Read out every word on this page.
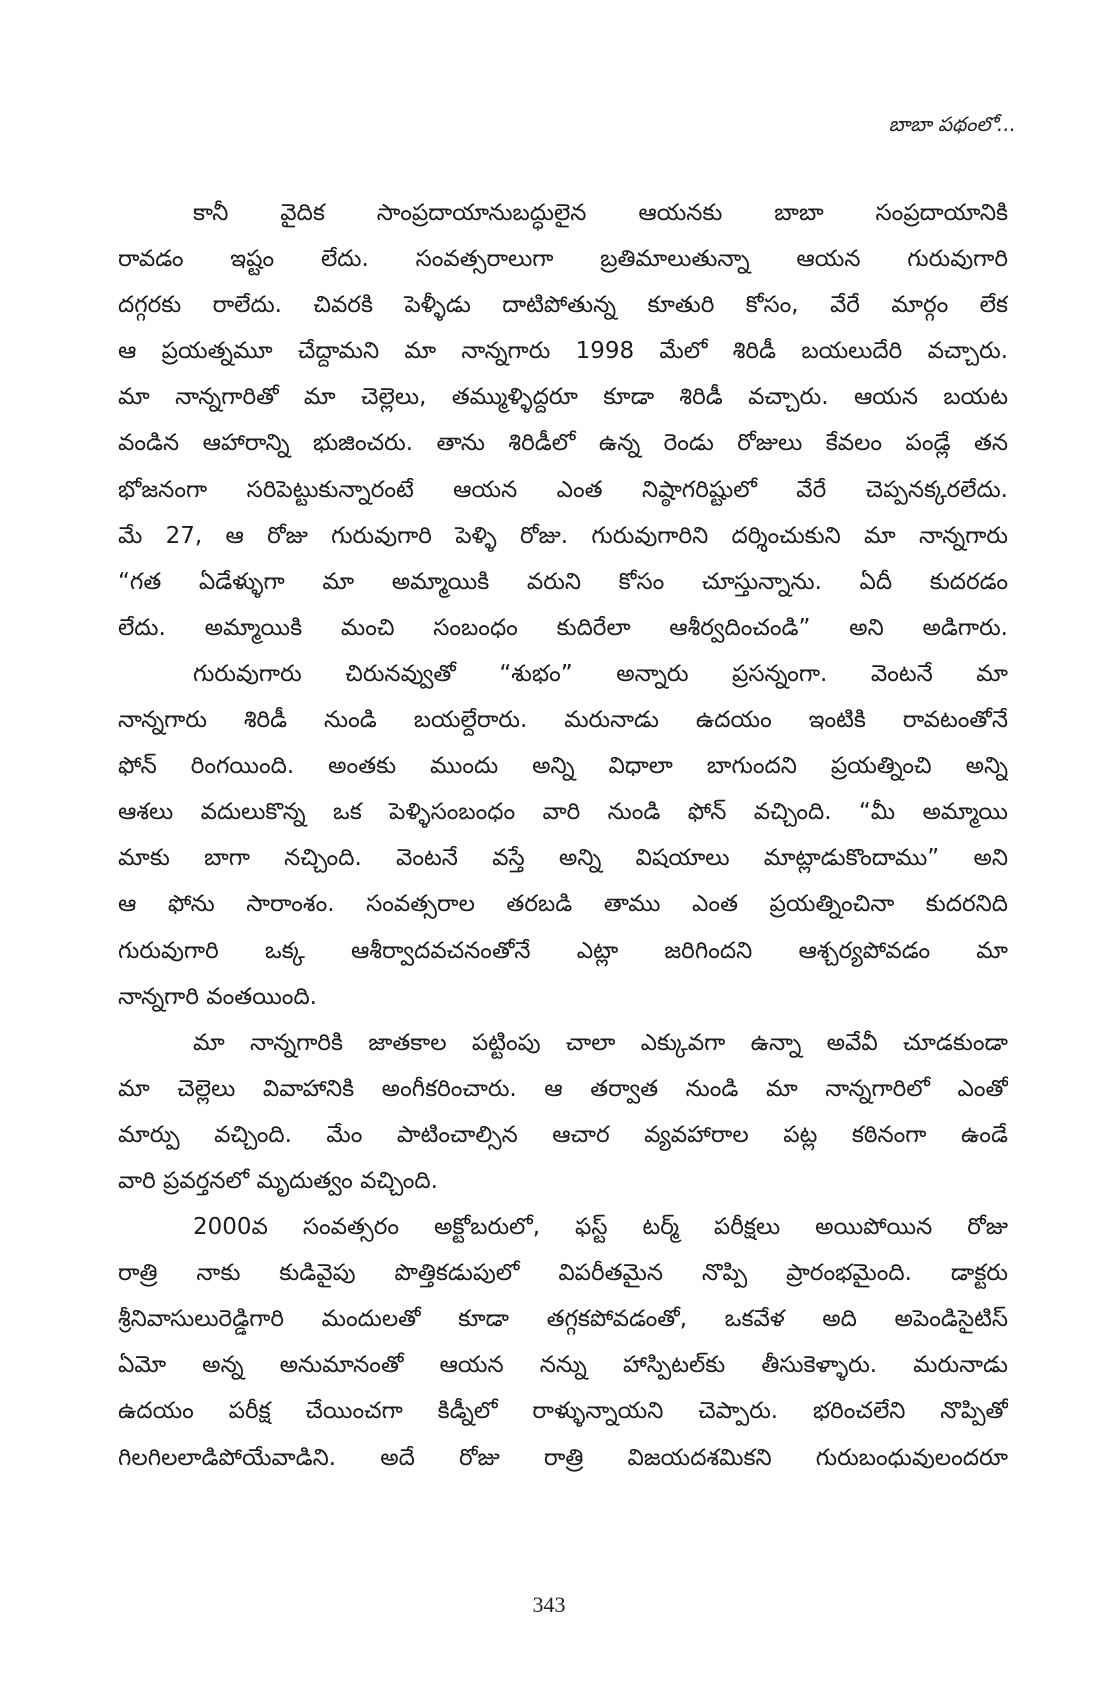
బాబా పథంలో...
కానీ వైదిక సాంప్రదాయానుబద్ధులైన ఆయనకు బాబా సంప్రదాయానికి
రావడం ఇష్టం లేదు. సంవత్సరాలుగా బ్రతిమాలుతున్నా ఆయన గురువుగారి
దగ్గరకు రాలేదు. చివరకి పెళ్ళీడు దాటిపోతున్న కూతురి కోసం, వేరే మార్గం లేక
ఆ ప్రయత్నమూ చేద్దామని మా నాన్నగారు 1998 మేలో శిరిడీ బయలుదేరి వచ్చారు.
మా నాన్నగారితో మా చెల్లెలు, తమ్ముళ్ళిద్దరూ కూడా శిరిడీ వచ్చారు. ఆయన బయట
వండిన ఆహారాన్ని భుజించరు. తాను శిరిడీలో ఉన్న రెండు రోజులు కేవలం పండ్లే తన
భోజనంగా సరిపెట్టుకున్నారంటే ఆయన ఎంత నిష్ఠాగరిష్టులో వేరే చెప్పనక్కరలేదు.
మే 27, ఆ రోజు గురువుగారి పెళ్ళి రోజు. గురువుగారిని దర్శించుకుని మా నాన్నగారు
“గత ఏడేళ్ళుగా మా అమ్మాయికి వరుని కోసం చూస్తున్నాను. ఏదీ కుదరడం
లేదు. అమ్మాయికి మంచి సంబంధం కుదిరేలా ఆశీర్వదించండి” అని అడిగారు.
గురువుగారు చిరునవ్వుతో “శుభం” అన్నారు ప్రసన్నంగా. వెంటనే మా
నాన్నగారు శిరిడీ నుండి బయల్దేరారు. మరునాడు ఉదయం ఇంటికి రావటంతోనే
ఫోన్ రింగయింది. అంతకు ముందు అన్ని విధాలా బాగుందని ప్రయత్నించి అన్ని
ఆశలు వదులుకొన్న ఒక పెళ్ళిసంబంధం వారి నుండి ఫోన్ వచ్చింది. “మీ అమ్మాయి
మాకు బాగా నచ్చింది. వెంటనే వస్తే అన్ని విషయాలు మాట్లాడుకొందాము” అని
ఆ ఫోను సారాంశం. సంవత్సరాల తరబడి తాము ఎంత ప్రయత్నించినా కుదరనిది
గురువుగారి ఒక్క ఆశీర్వాదవచనంతోనే ఎట్లా జరిగిందని ఆశ్చర్యపోవడం మా
నాన్నగారి వంతయింది.
మా నాన్నగారికి జాతకాల పట్టింపు చాలా ఎక్కువగా ఉన్నా అవేవీ చూడకుండా
మా చెల్లెలు వివాహానికి అంగీకరించారు. ఆ తర్వాత నుండి మా నాన్నగారిలో ఎంతో
మార్పు వచ్చింది. మేం పాటించాల్సిన ఆచార వ్యవహారాల పట్ల కఠినంగా ఉండే
వారి ప్రవర్తనలో మృదుత్వం వచ్చింది.
2000వ సంవత్సరం అక్టోబరులో, ఫస్ట్ టర్మ్ పరీక్షలు అయిపోయిన రోజు
రాత్రి నాకు కుడివైపు పొత్తికడుపులో విపరీతమైన నొప్పి ప్రారంభమైంది. డాక్టరు
శ్రీనివాసులురెడ్డిగారి మందులతో కూడా తగ్గకపోవడంతో, ఒకవేళ అది అపెండిసైటిస్
ఏమో అన్న అనుమానంతో ఆయన నన్ను హాస్పిటల్‌కు తీసుకెళ్ళారు. మరునాడు
ఉదయం పరీక్ష చేయించగా కిడ్నీలో రాళ్ళున్నాయని చెప్పారు. భరించలేని నొప్పితో
గిలగిలలాడిపోయేవాడిని. అదే రోజు రాత్రి విజయదశమికని గురుబంధువులందరూ
343
